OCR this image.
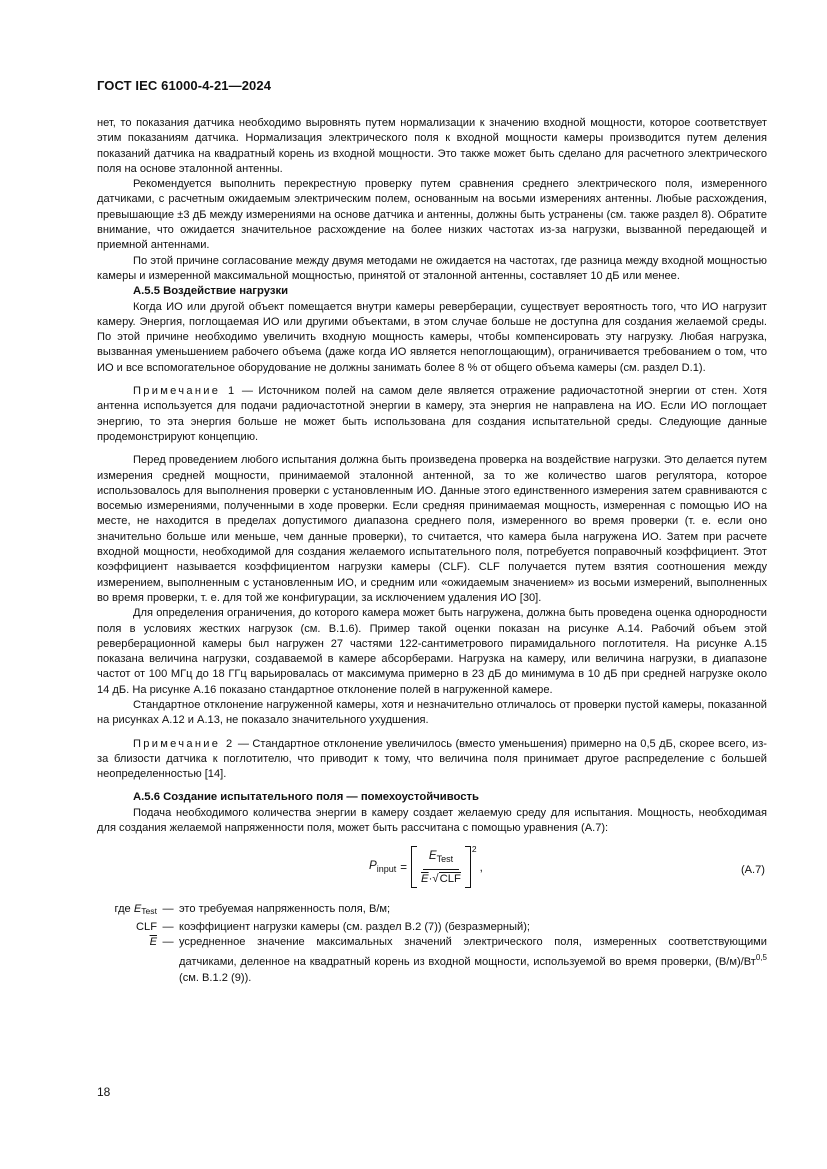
ГОСТ IEC 61000-4-21—2024

нет, то показания датчика необходимо выровнять путем нормализации к значению входной мощности, которое соответствует этим показаниям датчика. Нормализация электрического поля к входной мощности камеры производится путем деления показаний датчика на квадратный корень из входной мощности. Это также может быть сделано для расчетного электрического поля на основе эталонной антенны.

Рекомендуется выполнить перекрестную проверку путем сравнения среднего электрического поля, измеренного датчиками, с расчетным ожидаемым электрическим полем, основанным на восьми измерениях антенны. Любые расхождения, превышающие ±3 дБ между измерениями на основе датчика и антенны, должны быть устранены (см. также раздел 8). Обратите внимание, что ожидается значительное расхождение на более низких частотах из-за нагрузки, вызванной передающей и приемной антеннами.

По этой причине согласование между двумя методами не ожидается на частотах, где разница между входной мощностью камеры и измеренной максимальной мощностью, принятой от эталонной антенны, составляет 10 дБ или менее.

А.5.5 Воздействие нагрузки

Когда ИО или другой объект помещается внутри камеры реверберации, существует вероятность того, что ИО нагрузит камеру. Энергия, поглощаемая ИО или другими объектами, в этом случае больше не доступна для создания желаемой среды. По этой причине необходимо увеличить входную мощность камеры, чтобы компенсировать эту нагрузку. Любая нагрузка, вызванная уменьшением рабочего объема (даже когда ИО является непоглощающим), ограничивается требованием о том, что ИО и все вспомогательное оборудование не должны занимать более 8 % от общего объема камеры (см. раздел D.1).

Примечание 1 — Источником полей на самом деле является отражение радиочастотной энергии от стен. Хотя антенна используется для подачи радиочастотной энергии в камеру, эта энергия не направлена на ИО. Если ИО поглощает энергию, то эта энергия больше не может быть использована для создания испытательной среды. Следующие данные продемонстрируют концепцию.

Перед проведением любого испытания должна быть произведена проверка на воздействие нагрузки. Это делается путем измерения средней мощности, принимаемой эталонной антенной, за то же количество шагов регулятора, которое использовалось для выполнения проверки с установленным ИО. Данные этого единственного измерения затем сравниваются с восемью измерениями, полученными в ходе проверки. Если средняя принимаемая мощность, измеренная с помощью ИО на месте, не находится в пределах допустимого диапазона среднего поля, измеренного во время проверки (т. е. если оно значительно больше или меньше, чем данные проверки), то считается, что камера была нагружена ИО. Затем при расчете входной мощности, необходимой для создания желаемого испытательного поля, потребуется поправочный коэффициент. Этот коэффициент называется коэффициентом нагрузки камеры (CLF). CLF получается путем взятия соотношения между измерением, выполненным с установленным ИО, и средним или «ожидаемым значением» из восьми измерений, выполненных во время проверки, т. е. для той же конфигурации, за исключением удаления ИО [30].

Для определения ограничения, до которого камера может быть нагружена, должна быть проведена оценка однородности поля в условиях жестких нагрузок (см. В.1.6). Пример такой оценки показан на рисунке А.14. Рабочий объем этой реверберационной камеры был нагружен 27 частями 122-сантиметрового пирамидального поглотителя. На рисунке А.15 показана величина нагрузки, создаваемой в камере абсорберами. Нагрузка на камеру, или величина нагрузки, в диапазоне частот от 100 МГц до 18 ГГц варьировалась от максимума примерно в 23 дБ до минимума в 10 дБ при средней нагрузке около 14 дБ. На рисунке А.16 показано стандартное отклонение полей в нагруженной камере.

Стандартное отклонение нагруженной камеры, хотя и незначительно отличалось от проверки пустой камеры, показанной на рисунках А.12 и А.13, не показало значительного ухудшения.

Примечание 2 — Стандартное отклонение увеличилось (вместо уменьшения) примерно на 0,5 дБ, скорее всего, из-за близости датчика к поглотителю, что приводит к тому, что величина поля принимает другое распределение с большей неопределенностью [14].

А.5.6 Создание испытательного поля — помехоустойчивость

Подача необходимого количества энергии в камеру создает желаемую среду для испытания. Мощность, необходимая для создания желаемой напряженности поля, может быть рассчитана с помощью уравнения (А.7):

$P_{input} = \frac{E_{Test}}{\overline{E}\cdot√CLF} 2$
,	(А.7)
где ETest — это требуемая напряженность поля, В/м;
CLF — коэффициент нагрузки камеры (см. раздел В.2 (7)) (безразмерный);
$\overline{E}$ — усредненное значение максимальных значений электрического поля, измеренных соответствующими датчиками, деленное на квадратный корень из входной мощности, используемой во время проверки, (В/м)/Вт$^{0,5}$ (см. В.1.2 (9)).
18
